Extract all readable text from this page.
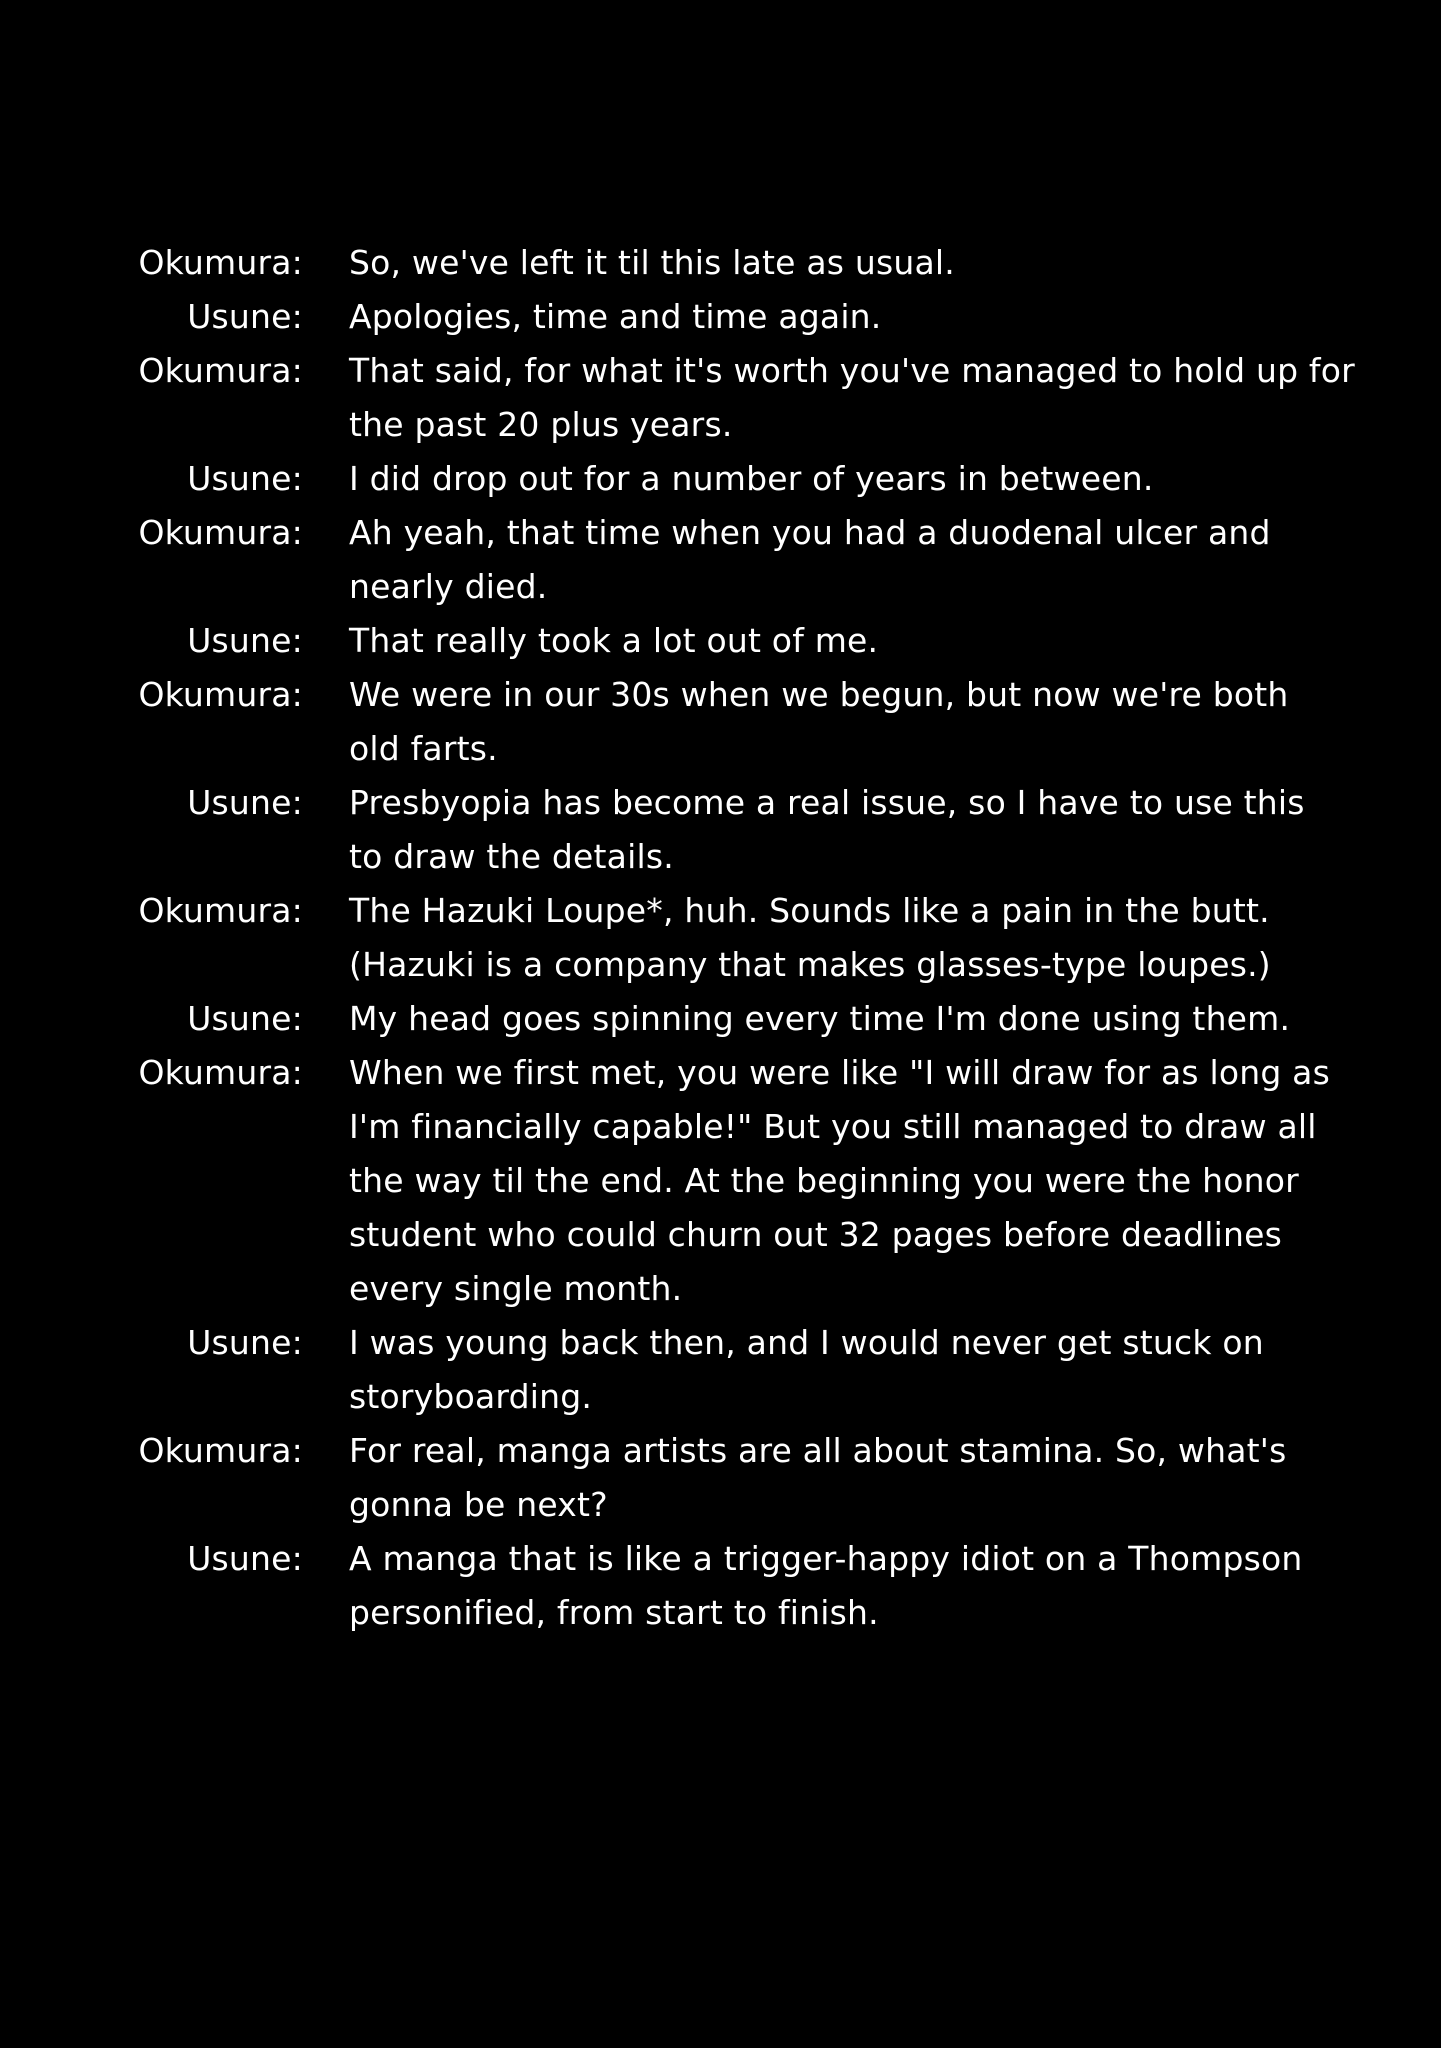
Okumura: So, we've left it til this late as usual.
Usune: Apologies, time and time again.
Okumura: That said, for what it's worth you've managed to hold up for
the past 20 plus years.
Usune: I did drop out for a number of years in between.
Okumura: Ah yeah, that time when you had a duodenal ulcer and
nearly died.
Usune: That really took a lot out of me.
Okumura: We were in our 30s when we begun, but now we're both
old farts.
Usune: Presbyopia has become a real issue, so I have to use this
to draw the details.
Okumura: The Hazuki Loupe*, huh. Sounds like a pain in the butt.
(Hazuki is a company that makes glasses-type loupes.)
Usune: My head goes spinning every time I'm done using them.
Okumura: When we first met, you were like "I will draw for as long as
I'm financially capable!" But you still managed to draw all
the way til the end. At the beginning you were the honor
student who could churn out 32 pages before deadlines
every single month.
Usune: I was young back then, and I would never get stuck on
storyboarding.
Okumura: For real, manga artists are all about stamina. So, what's
gonna be next?
Usune: A manga that is like a trigger-happy idiot on a Thompson
personified, from start to finish.
